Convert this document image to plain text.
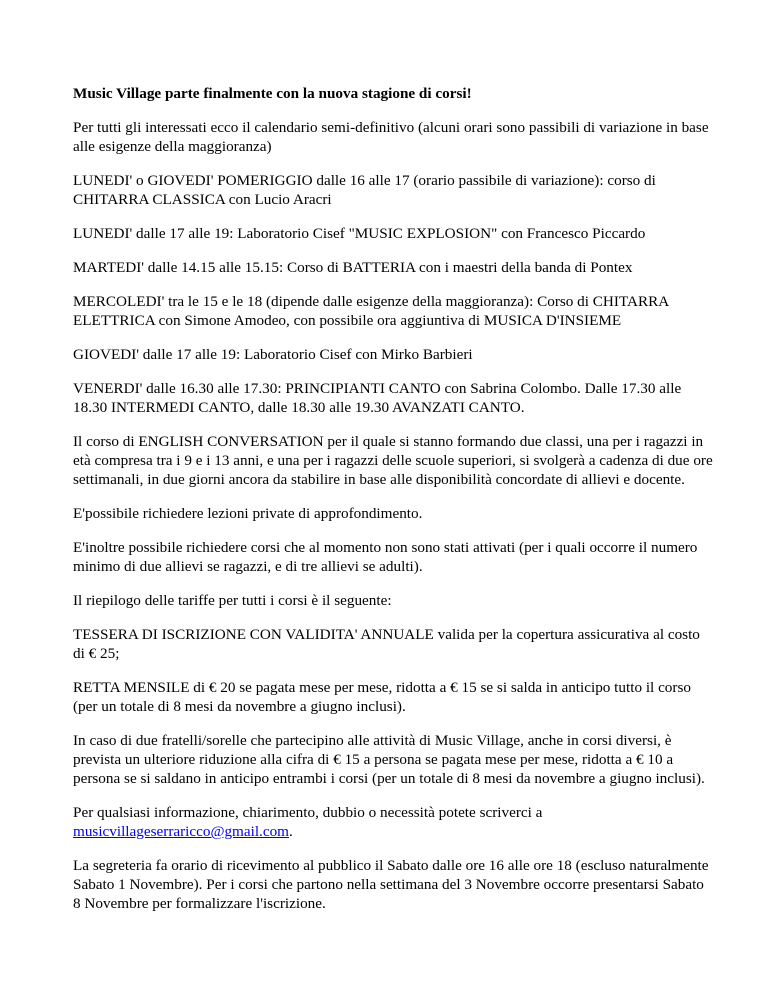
Music Village parte finalmente con la nuova stagione di corsi!

Per tutti gli interessati ecco il calendario semi-definitivo (alcuni orari sono passibili di variazione in base alle esigenze della maggioranza)

LUNEDI' o GIOVEDI' POMERIGGIO dalle 16 alle 17 (orario passibile di variazione): corso di CHITARRA CLASSICA con Lucio Aracri

LUNEDI' dalle 17 alle 19: Laboratorio Cisef "MUSIC EXPLOSION" con Francesco Piccardo

MARTEDI' dalle 14.15 alle 15.15: Corso di BATTERIA con i maestri della banda di Pontex

MERCOLEDI' tra le 15 e le 18 (dipende dalle esigenze della maggioranza): Corso di CHITARRA ELETTRICA con Simone Amodeo, con possibile ora aggiuntiva di MUSICA D'INSIEME

GIOVEDI' dalle 17 alle 19: Laboratorio Cisef con Mirko Barbieri

VENERDI' dalle 16.30 alle 17.30: PRINCIPIANTI CANTO con Sabrina Colombo. Dalle 17.30 alle 18.30 INTERMEDI CANTO, dalle 18.30 alle 19.30 AVANZATI CANTO.

Il corso di ENGLISH CONVERSATION per il quale si stanno formando due classi, una per i ragazzi in età compresa tra i 9 e i 13 anni, e una per i ragazzi delle scuole superiori, si svolgerà a cadenza di due ore settimanali, in due giorni ancora da stabilire in base alle disponibilità concordate di allievi e docente.

E'possibile richiedere lezioni private di approfondimento.

E'inoltre possibile richiedere corsi che al momento non sono stati attivati (per i quali occorre il numero minimo di due allievi se ragazzi, e di tre allievi se adulti).

Il riepilogo delle tariffe per tutti i corsi è il seguente:

TESSERA DI ISCRIZIONE CON VALIDITA' ANNUALE valida per la copertura assicurativa al costo di € 25;

RETTA MENSILE di € 20 se pagata mese per mese, ridotta a € 15 se si salda in anticipo tutto il corso (per un totale di 8 mesi da novembre a giugno inclusi).

In caso di due fratelli/sorelle che partecipino alle attività di Music Village, anche in corsi diversi, è prevista un ulteriore riduzione alla cifra di € 15 a persona se pagata mese per mese, ridotta a € 10 a persona se si saldano in anticipo entrambi i corsi (per un totale di 8 mesi da novembre a giugno inclusi).

Per qualsiasi informazione, chiarimento, dubbio o necessità potete scriverci a musicvillageserraricco@gmail.com.

La segreteria fa orario di ricevimento al pubblico il Sabato dalle ore 16 alle ore 18 (escluso naturalmente Sabato 1 Novembre). Per i corsi che partono nella settimana del 3 Novembre occorre presentarsi Sabato 8 Novembre per formalizzare l'iscrizione.
